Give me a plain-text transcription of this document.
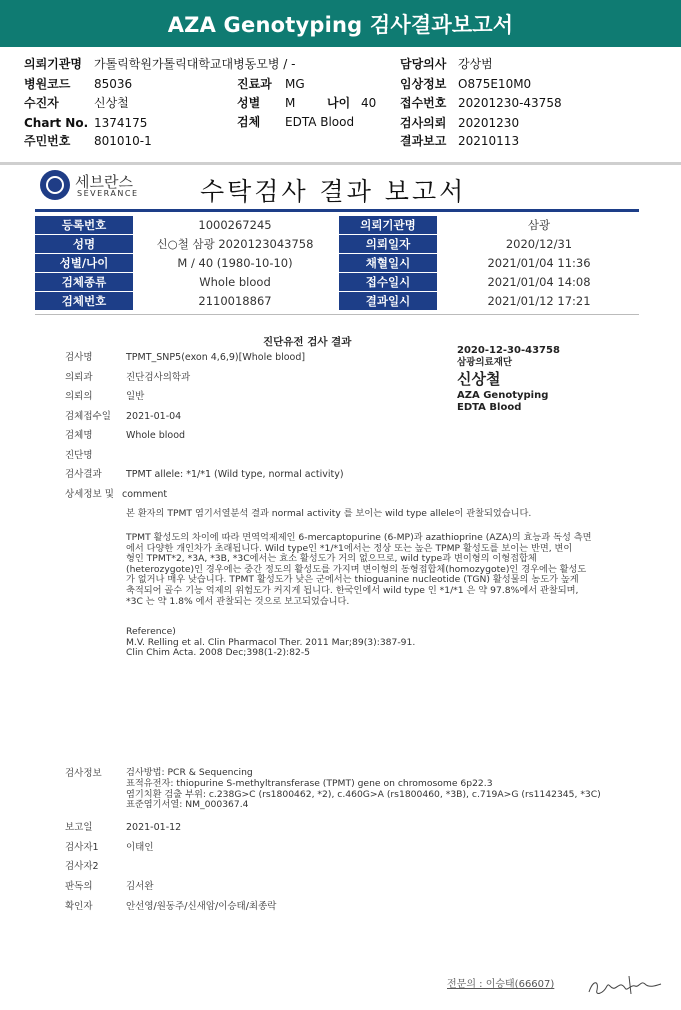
AZA Genotyping 검사결과보고서
의뢰기관명 가톨릭학원가톨릭대학교대병동모병 / -	담당의사 강상범
병원코드 85036	진료과 MG	임상정보 O875E10M0
수진자	신상철	성별 M	나이 40 접수번호 20201230-43758
Chart No. 1374175	검체 EDTA Blood	검사의뢰 20201230
주민번호 801010-1	결과보고 20210113
세브란스
SEVERANCE 수탁검사 결과 보고서
등록번호	1000267245	의뢰기관명	삼광
성명	신○철 삼광 2020123043758	의뢰일자	2020/12/31
성별/나이	M / 40 (1980-10-10)	채혈일시	2021/01/04 11:36
검체종류	Whole blood	접수일시	2021/01/04 14:08
검체번호	2110018867	결과일시	2021/01/12 17:21
진단유전 검사 결과
2020-12-30-43758
삼광의료재단
신상철
AZA Genotyping
EDTA Blood
검사명	TPMT_SNP5(exon 4,6,9)[Whole blood]
의뢰과	진단검사의학과
의뢰의	일반
검체접수일 2021-01-04
검체명	Whole blood
진단명
검사결과	TPMT allele: *1/*1 (Wild type, normal activity)
상세정보 및 comment
본 환자의 TPMT 염기서열분석 결과 normal activity 를 보이는 wild type allele이 관찰되었습니다.
TPMT 활성도의 차이에 따라 면역억제제인 6-mercaptopurine (6-MP)과 azathioprine (AZA)의 효능과 독성 측면
에서 다양한 개인차가 초래됩니다. Wild type인 *1/*1에서는 정상 또는 높은 TPMP 활성도를 보이는 반면, 변이
형인 TPMT*2, *3A, *3B, *3C에서는 효소 활성도가 거의 없으므로, wild type과 변이형의 이형접합체
(heterozygote)인 경우에는 중간 정도의 활성도를 가지며 변이형의 동형접합체(homozygote)인 경우에는 활성도
가 없거나 매우 낮습니다. TPMT 활성도가 낮은 군에서는 thioguanine nucleotide (TGN) 활성물의 농도가 높게
축적되어 골수 기능 억제의 위험도가 커지게 됩니다. 한국인에서 wild type 인 *1/*1 은 약 97.8%에서 관찰되며,
*3C 는 약 1.8% 에서 관찰되는 것으로 보고되었습니다.
Reference)
M.V. Relling et al. Clin Pharmacol Ther. 2011 Mar;89(3):387-91.
Clin Chim Acta. 2008 Dec;398(1-2):82-5
검사정보	검사방법: PCR & Sequencing
표적유전자: thiopurine S-methyltransferase (TPMT) gene on chromosome 6p22.3
염기치환 검출 부위: c.238G>C (rs1800462, *2), c.460G>A (rs1800460, *3B), c.719A>G (rs1142345, *3C)
표준염기서열: NM_000367.4
보고일	2021-01-12
검사자1	이태인
검사자2
판독의	김서완
확인자	안선영/원동주/신새암/이승태/최종락
전문의 : 이승태(66607)
